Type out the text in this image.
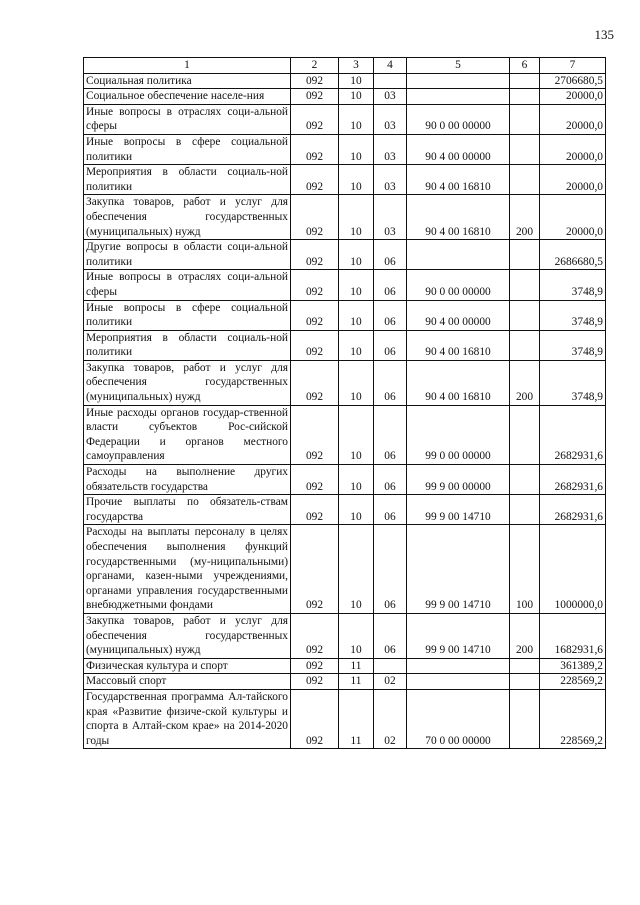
135
1	2	3	4	5	6	7
Социальная политика	092	10				2706680,5
Социальное обеспечение населе-ния	092	10	03			20000,0
Иные вопросы в отраслях соци-альной сферы	092	10	03	90 0 00 00000		20000,0
Иные вопросы в сфере социальной политики	092	10	03	90 4 00 00000		20000,0
Мероприятия в области социаль-ной политики	092	10	03	90 4 00 16810		20000,0
Закупка товаров, работ и услуг для обеспечения государственных (муниципальных) нужд	092	10	03	90 4 00 16810	200	20000,0
Другие вопросы в области соци-альной политики	092	10	06			2686680,5
Иные вопросы в отраслях соци-альной сферы	092	10	06	90 0 00 00000		3748,9
Иные вопросы в сфере социальной политики	092	10	06	90 4 00 00000		3748,9
Мероприятия в области социаль-ной политики	092	10	06	90 4 00 16810		3748,9
Закупка товаров, работ и услуг для обеспечения государственных (муниципальных) нужд	092	10	06	90 4 00 16810	200	3748,9
Иные расходы органов государ-ственной власти субъектов Рос-сийской Федерации и органов местного самоуправления	092	10	06	99 0 00 00000		2682931,6
Расходы на выполнение других обязательств государства	092	10	06	99 9 00 00000		2682931,6
Прочие выплаты по обязатель-ствам государства	092	10	06	99 9 00 14710		2682931,6
Расходы на выплаты персоналу в целях обеспечения выполнения функций государственными (му-ниципальными) органами, казен-ными учреждениями, органами управления государственными внебюджетными фондами	092	10	06	99 9 00 14710	100	1000000,0
Закупка товаров, работ и услуг для обеспечения государственных (муниципальных) нужд	092	10	06	99 9 00 14710	200	1682931,6
Физическая культура и спорт	092	11				361389,2
Массовый спорт	092	11	02			228569,2
Государственная программа Ал-тайского края «Развитие физиче-ской культуры и спорта в Алтай-ском крае» на 2014-2020 годы	092	11	02	70 0 00 00000		228569,2
